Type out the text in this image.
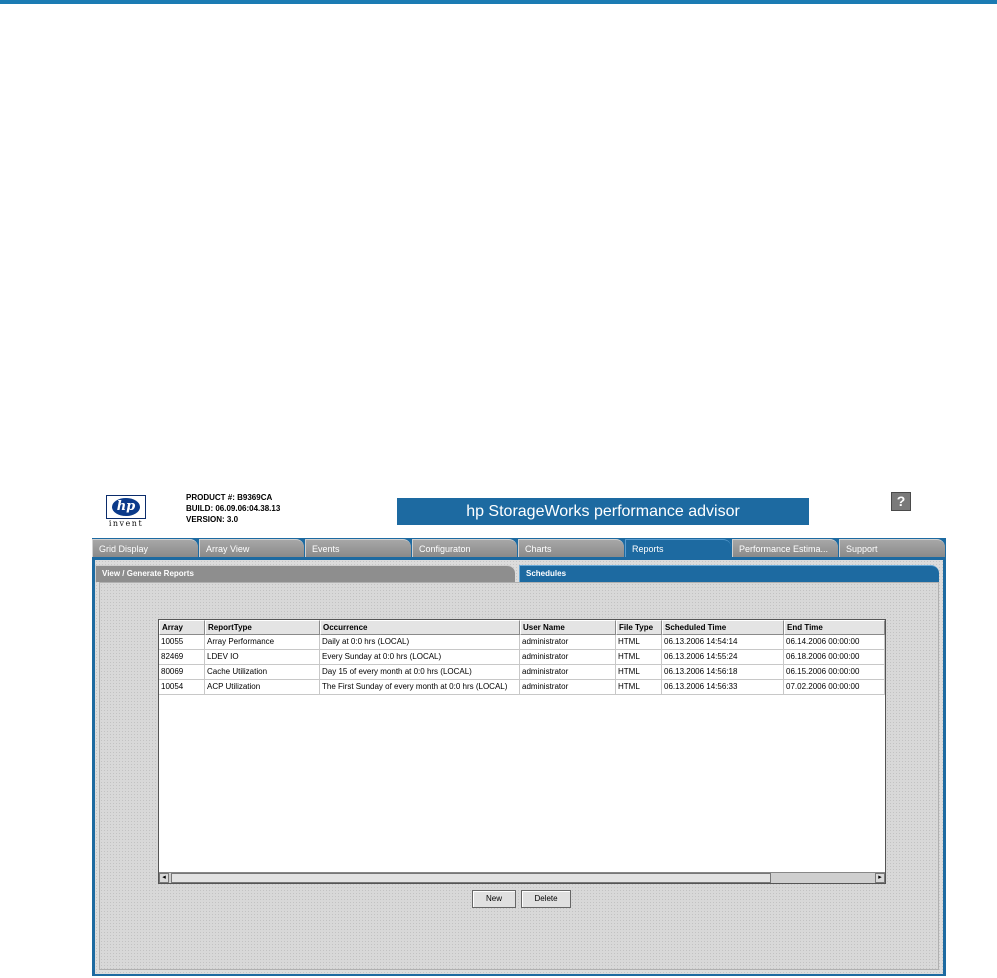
hp
invent
PRODUCT #: B9369CA
BUILD: 06.09.06:04.38.13
VERSION: 3.0	hp StorageWorks performance advisor
?
Grid Display	Array View	Events	Configuraton	Charts	Reports	Performance Estima...	Support
View / Generate Reports	Schedules
Array	ReportType	Occurrence	User Name	File Type	Scheduled Time	End Time
10055	Array Performance	Daily at 0:0 hrs (LOCAL)	administrator	HTML	06.13.2006 14:54:14	06.14.2006 00:00:00
82469	LDEV IO	Every Sunday at 0:0 hrs (LOCAL)	administrator	HTML	06.13.2006 14:55:24	06.18.2006 00:00:00
80069	Cache Utilization	Day 15 of every month at 0:0 hrs (LOCAL)	administrator	HTML	06.13.2006 14:56:18	06.15.2006 00:00:00
10054	ACP Utilization	The First Sunday of every month at 0:0 hrs (LOCAL)	administrator	HTML	06.13.2006 14:56:33	07.02.2006 00:00:00
◂	▸
New	Delete
